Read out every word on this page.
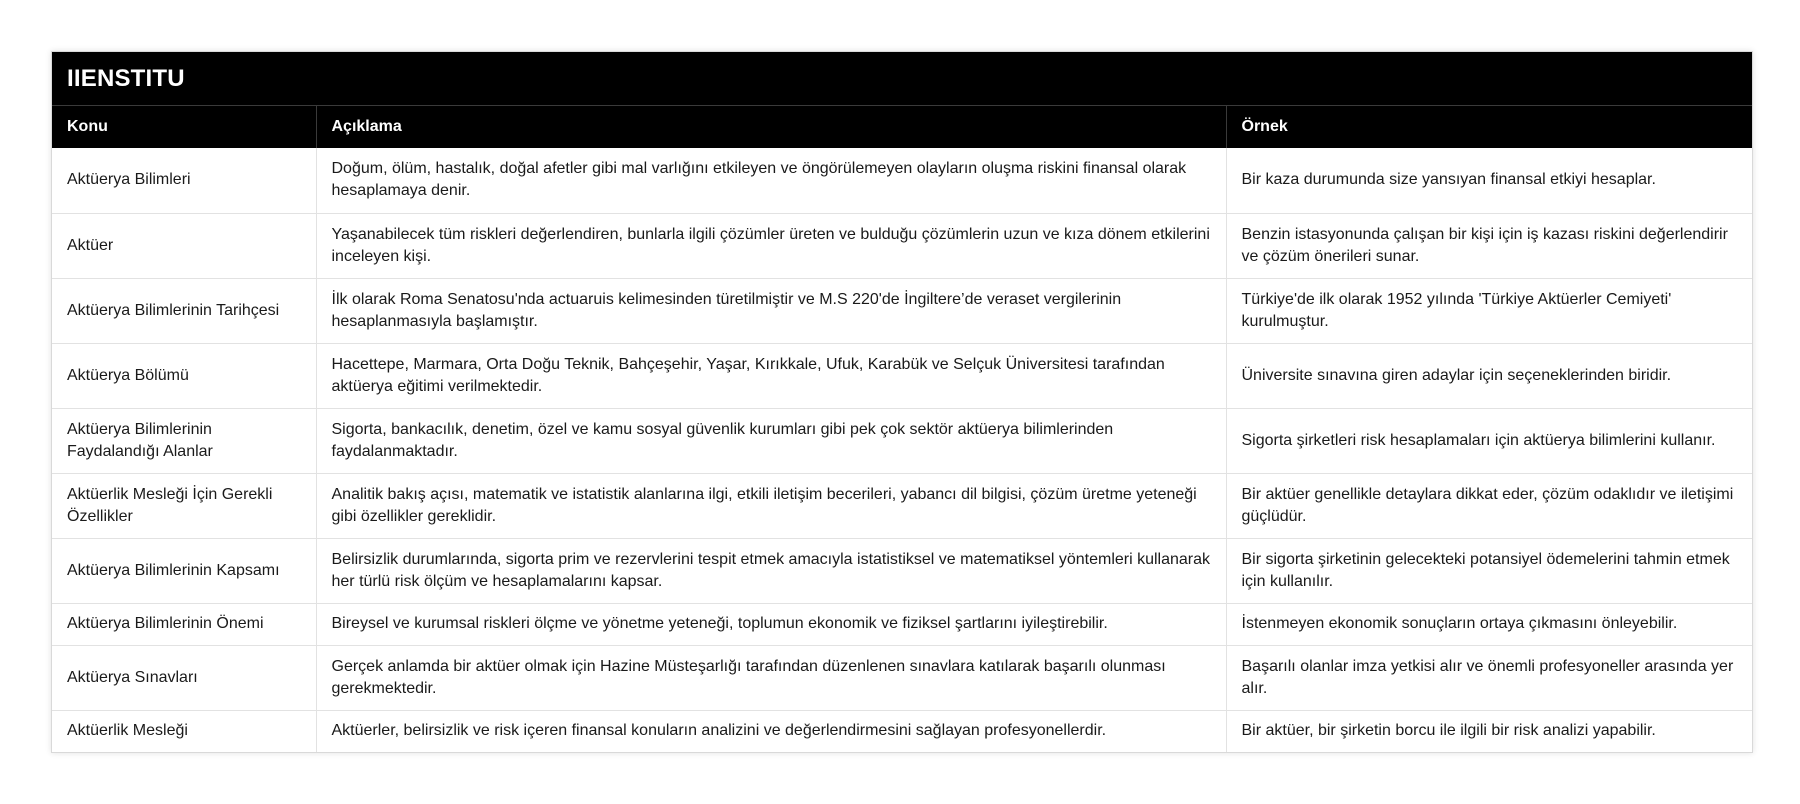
IIENSTITU
Konu	Açıklama	Örnek
Aktüerya Bilimleri	Doğum, ölüm, hastalık, doğal afetler gibi mal varlığını etkileyen ve öngörülemeyen olayların oluşma riskini finansal olarak hesaplamaya denir.	Bir kaza durumunda size yansıyan finansal etkiyi hesaplar.
Aktüer	Yaşanabilecek tüm riskleri değerlendiren, bunlarla ilgili çözümler üreten ve bulduğu çözümlerin uzun ve kıza dönem etkilerini inceleyen kişi.	Benzin istasyonunda çalışan bir kişi için iş kazası riskini değerlendirir ve çözüm önerileri sunar.
Aktüerya Bilimlerinin Tarihçesi	İlk olarak Roma Senatosu'nda actuaruis kelimesinden türetilmiştir ve M.S 220'de İngiltere’de veraset vergilerinin hesaplanmasıyla başlamıştır.	Türkiye'de ilk olarak 1952 yılında 'Türkiye Aktüerler Cemiyeti' kurulmuştur.
Aktüerya Bölümü	Hacettepe, Marmara, Orta Doğu Teknik, Bahçeşehir, Yaşar, Kırıkkale, Ufuk, Karabük ve Selçuk Üniversitesi tarafından aktüerya eğitimi verilmektedir.	Üniversite sınavına giren adaylar için seçeneklerinden biridir.
Aktüerya Bilimlerinin Faydalandığı Alanlar	Sigorta, bankacılık, denetim, özel ve kamu sosyal güvenlik kurumları gibi pek çok sektör aktüerya bilimlerinden faydalanmaktadır.	Sigorta şirketleri risk hesaplamaları için aktüerya bilimlerini kullanır.
Aktüerlik Mesleği İçin Gerekli Özellikler	Analitik bakış açısı, matematik ve istatistik alanlarına ilgi, etkili iletişim becerileri, yabancı dil bilgisi, çözüm üretme yeteneği gibi özellikler gereklidir.	Bir aktüer genellikle detaylara dikkat eder, çözüm odaklıdır ve iletişimi güçlüdür.
Aktüerya Bilimlerinin Kapsamı	Belirsizlik durumlarında, sigorta prim ve rezervlerini tespit etmek amacıyla istatistiksel ve matematiksel yöntemleri kullanarak her türlü risk ölçüm ve hesaplamalarını kapsar.	Bir sigorta şirketinin gelecekteki potansiyel ödemelerini tahmin etmek için kullanılır.
Aktüerya Bilimlerinin Önemi	Bireysel ve kurumsal riskleri ölçme ve yönetme yeteneği, toplumun ekonomik ve fiziksel şartlarını iyileştirebilir.	İstenmeyen ekonomik sonuçların ortaya çıkmasını önleyebilir.
Aktüerya Sınavları	Gerçek anlamda bir aktüer olmak için Hazine Müsteşarlığı tarafından düzenlenen sınavlara katılarak başarılı olunması gerekmektedir.	Başarılı olanlar imza yetkisi alır ve önemli profesyoneller arasında yer alır.
Aktüerlik Mesleği	Aktüerler, belirsizlik ve risk içeren finansal konuların analizini ve değerlendirmesini sağlayan profesyonellerdir.	Bir aktüer, bir şirketin borcu ile ilgili bir risk analizi yapabilir.
